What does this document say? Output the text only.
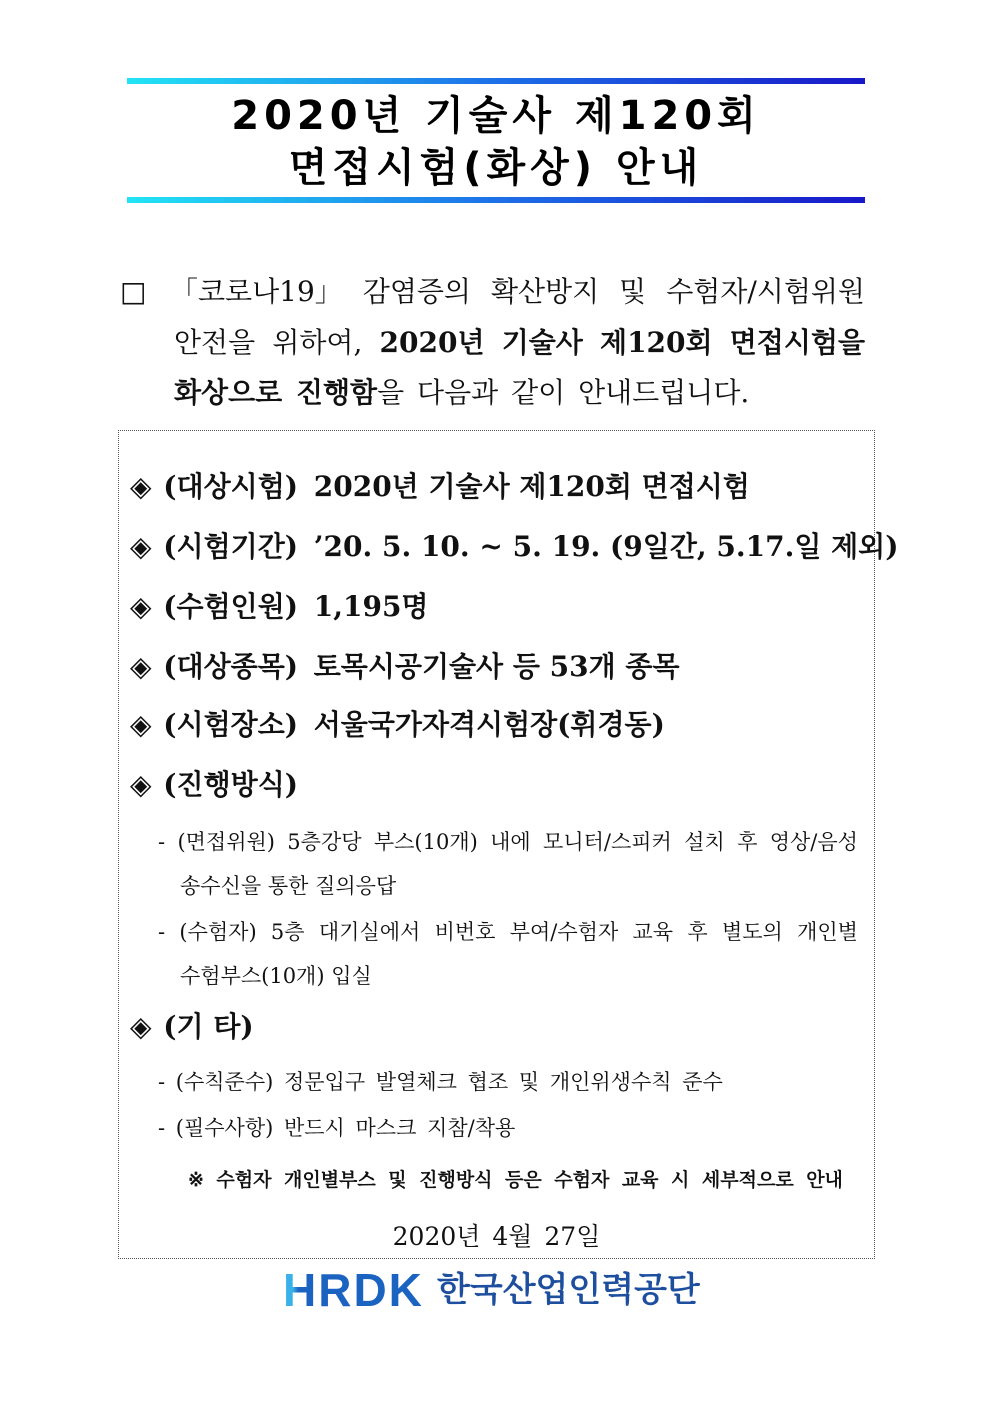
2020년 기술사 제120회
면접시험(화상) 안내
□ 「코로나19」 감염증의 확산방지 및 수험자/시험위원
안전을 위하여, 2020년 기술사 제120회 면접시험을
화상으로 진행함을 다음과 같이 안내드립니다.
◈ (대상시험) 2020년 기술사 제120회 면접시험
◈ (시험기간) ’20. 5. 10. ~ 5. 19. (9일간, 5.17.일 제외)
◈ (수험인원) 1,195명
◈ (대상종목) 토목시공기술사 등 53개 종목
◈ (시험장소) 서울국가자격시험장(휘경동)
◈ (진행방식)
- (면접위원) 5층강당 부스(10개) 내에 모니터/스피커 설치 후 영상/음성
송수신을 통한 질의응답
- (수험자) 5층 대기실에서 비번호 부여/수험자 교육 후 별도의 개인별
수험부스(10개) 입실
◈ (기 타)
- (수칙준수) 정문입구 발열체크 협조 및 개인위생수칙 준수
- (필수사항) 반드시 마스크 지참/착용
※ 수험자 개인별부스 및 진행방식 등은 수험자 교육 시 세부적으로 안내
2020년 4월 27일
HRDK 한국산업인력공단
